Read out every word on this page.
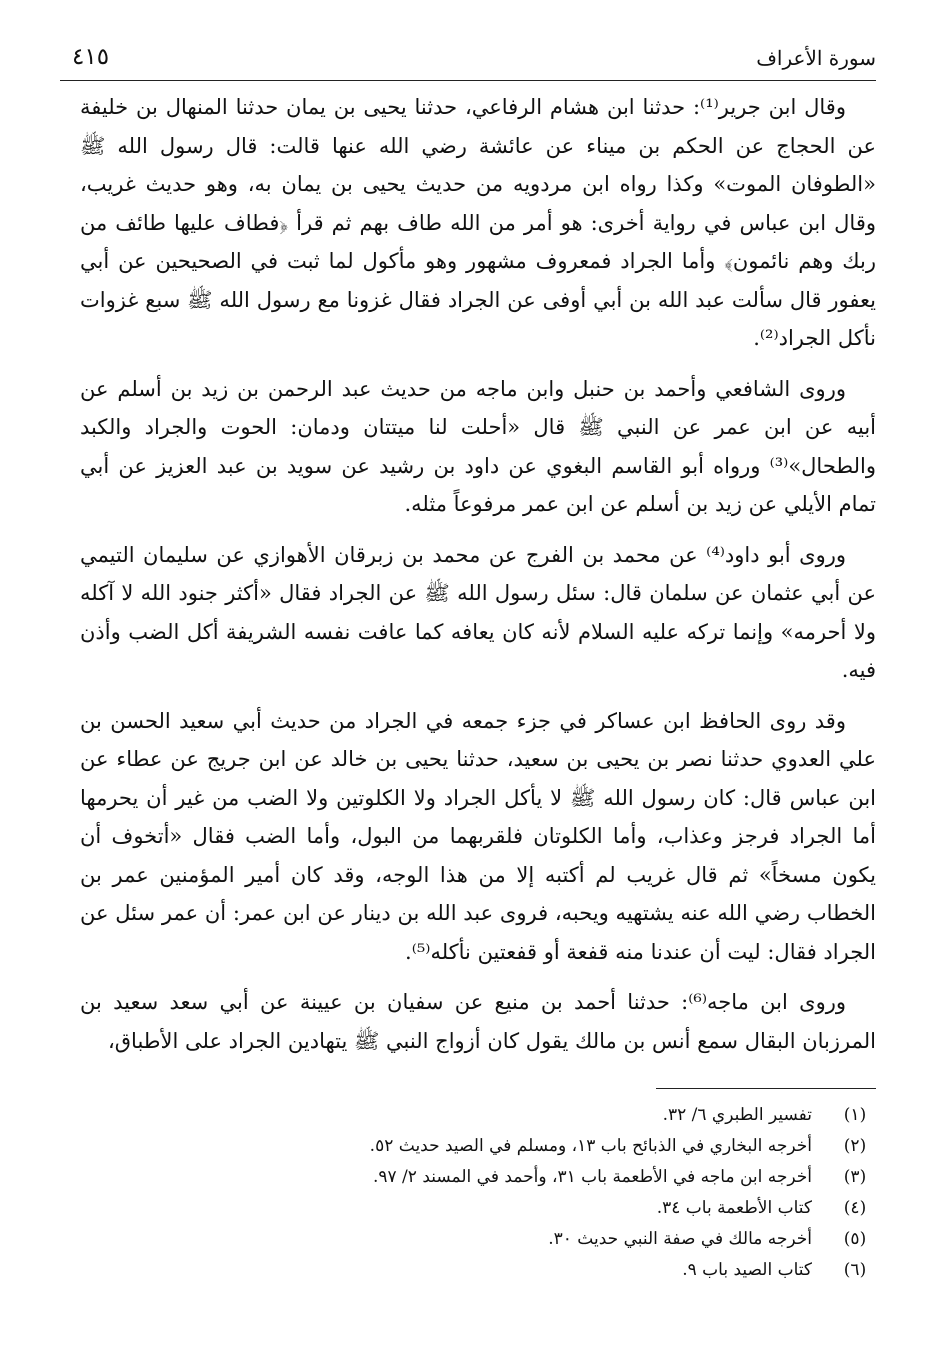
سورة الأعراف
٤١٥

وقال ابن جرير⁽¹⁾: حدثنا ابن هشام الرفاعي، حدثنا يحيى بن يمان حدثنا المنهال بن خليفة عن الحجاج عن الحكم بن ميناء عن عائشة رضي الله عنها قالت: قال رسول الله ﷺ «الطوفان الموت» وكذا رواه ابن مردويه من حديث يحيى بن يمان به، وهو حديث غريب، وقال ابن عباس في رواية أخرى: هو أمر من الله طاف بهم ثم قرأ ﴿فطاف عليها طائف من ربك وهم نائمون﴾ وأما الجراد فمعروف مشهور وهو مأكول لما ثبت في الصحيحين عن أبي يعفور قال سألت عبد الله بن أبي أوفى عن الجراد فقال غزونا مع رسول الله ﷺ سبع غزوات نأكل الجراد⁽²⁾.

وروى الشافعي وأحمد بن حنبل وابن ماجه من حديث عبد الرحمن بن زيد بن أسلم عن أبيه عن ابن عمر عن النبي ﷺ قال «أحلت لنا ميتتان ودمان: الحوت والجراد والكبد والطحال»⁽³⁾ ورواه أبو القاسم البغوي عن داود بن رشيد عن سويد بن عبد العزيز عن أبي تمام الأيلي عن زيد بن أسلم عن ابن عمر مرفوعاً مثله.

وروى أبو داود⁽⁴⁾ عن محمد بن الفرج عن محمد بن زبرقان الأهوازي عن سليمان التيمي عن أبي عثمان عن سلمان قال: سئل رسول الله ﷺ عن الجراد فقال «أكثر جنود الله لا آكله ولا أحرمه» وإنما تركه عليه السلام لأنه كان يعافه كما عافت نفسه الشريفة أكل الضب وأذن فيه.

وقد روى الحافظ ابن عساكر في جزء جمعه في الجراد من حديث أبي سعيد الحسن بن علي العدوي حدثنا نصر بن يحيى بن سعيد، حدثنا يحيى بن خالد عن ابن جريج عن عطاء عن ابن عباس قال: كان رسول الله ﷺ لا يأكل الجراد ولا الكلوتين ولا الضب من غير أن يحرمها أما الجراد فرجز وعذاب، وأما الكلوتان فلقربهما من البول، وأما الضب فقال «أتخوف أن يكون مسخاً» ثم قال غريب لم أكتبه إلا من هذا الوجه، وقد كان أمير المؤمنين عمر بن الخطاب رضي الله عنه يشتهيه ويحبه، فروى عبد الله بن دينار عن ابن عمر: أن عمر سئل عن الجراد فقال: ليت أن عندنا منه قفعة أو قفعتين نأكله⁽⁵⁾.

وروى ابن ماجه⁽⁶⁾: حدثنا أحمد بن منيع عن سفيان بن عيينة عن أبي سعد سعيد بن المرزبان البقال سمع أنس بن مالك يقول كان أزواج النبي ﷺ يتهادين الجراد على الأطباق،

(١)
تفسير الطبري ٦/ ٣٢.
(٢)
أخرجه البخاري في الذبائح باب ١٣، ومسلم في الصيد حديث ٥٢.
(٣)
أخرجه ابن ماجه في الأطعمة باب ٣١، وأحمد في المسند ٢/ ٩٧.
(٤)
كتاب الأطعمة باب ٣٤.
(٥)
أخرجه مالك في صفة النبي حديث ٣٠.
(٦)
كتاب الصيد باب ٩.
